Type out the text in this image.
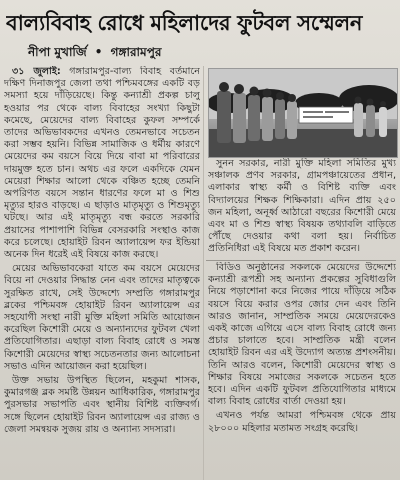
বাল্যবিবাহ রোধে মহিলাদের ফুটবল সম্মেলন
নীপা মুখার্জি • গঙ্গারামপুর

৩১ জুলাই: গঙ্গারামপুর-বাল্য বিবাহ বর্তমানে দক্ষিণ দিনাজপুর জেলা তথা পশ্চিমবঙ্গের একটি বড় সমস্যা হয়ে দাঁড়িয়েছে। কিন্তু কন্যাশ্রী প্রকল্প চালু হওয়ার পর থেকে বাল্য বিবাহের সংখ্যা কিছুটা কমেছে, মেয়েদের বাল্য বিবাহের কুফল সম্পর্কে তাদের অভিভাবকদের এখনও তেমনভাবে সচেতন করা সম্ভব হয়নি। বিভিন্ন সামাজিক ও ধর্মীয় কারণে মেয়েদের কম বয়সে বিয়ে দিয়ে বাবা মা পরিবারের দায়মুক্ত হতে চান। অথচ এর ফলে একদিকে যেমন মেয়েরা শিক্ষার আলো থেকে বঞ্চিত হচ্ছে তেমনি অপরিণত বয়সে সন্তান ধারণের ফলে মা ও শিশু মৃত্যুর হারও বাড়ছে। এ ছাড়াও মাতৃমৃত্যু ও শিশুমৃত্যু ঘটছে। আর এই মাতৃমৃত্যু বন্ধ করতে সরকারি প্রয়াসের পাশাপাশি বিভিন্ন বেসরকারি সংস্থাও কাজ করে চলেছে। হোয়াইট রিবন অ্যালায়েন্স ফর ইন্ডিয়া অনেক দিন ধরেই এই বিষয়ে কাজ করছে।

মেয়ের অভিভাবকেরা যাতে কম বয়সে মেয়েদের বিয়ে না দেওয়ার সিদ্ধান্ত নেন এবং তাদের মাতৃত্বকে সুরক্ষিত রাখে, সেই উদ্দেশ্যে সম্প্রতি গঙ্গারামপুর ব্লকের পশ্চিমবঙ্গ হোয়াইট রিবন অ্যালায়েন্স এর সহযোগী সংস্থা নারী মুক্তি মহিলা সমিতি আয়োজন করেছিল কিশোরী মেয়ে ও অন্যান্যদের ফুটবল খেলা প্রতিযোগিতার। এছাড়া বাল্য বিবাহ রোধে ও সমস্ত কিশোরী মেয়েদের স্বাস্থ্য সচেতনতার জন্য আলোচনা সভাও এদিন আয়োজন করা হয়েছিল।

উক্ত সভায় উপস্থিত ছিলেন, মহকুমা শাসক, কুমারগঞ্জ ব্লক সমষ্টি উন্নয়ন আধিকারিক, গঙ্গারামপুর পুরসভার সভাপতি এবং স্থানীয় বিশিষ্ট ব্যক্তিবর্গ। সঙ্গে ছিলেন হোয়াইট রিবন অ্যালায়েন্স এর রাজ্য ও জেলা সমন্বয়ক সুজয় রায় ও অন্যান্য সদস্যরা।

সুনন সরকার, নারী মুক্তি মহিলা সমিতির মুখ্য সঞ্চালক প্রণব সরকার, গ্রামপঞ্চায়েতের প্রধান, এলাকার স্বাস্থ্য কর্মী ও বিশিষ্ট ব্যক্তি এবং বিদ্যালয়ের শিক্ষক শিক্ষিকারা। এদিন প্রায় ২৫০ জন মহিলা, অনূর্ধ্ব আঠারো বছরের কিশোরী মেয়ে এবং মা ও শিশু স্বাস্থ্য বিষয়ক তথ্যাবলি বাড়িতে পৌঁছে দেওয়ার কথা বলা হয়। নির্বাচিত প্রতিনিধিরা এই বিষয়ে মত প্রকাশ করেন।

বিডিও অনুষ্ঠানের সকলকে মেয়েদের উদ্দেশ্যে কন্যাশ্রী রূপশ্রী সহ অন্যান্য প্রকল্পের সুবিধাগুলি নিয়ে পড়াশোনা করে নিজের পায়ে দাঁড়িয়ে সঠিক বয়সে বিয়ে করার ওপর জোর দেন এবং তিনি আরও জানান, সাম্প্রতিক সময়ে মেয়েদেরকেও একই কাজে এগিয়ে এসে বাল্য বিবাহ রোধে জন্য প্রচার চালাতে হবে। সাম্প্রতিক মন্ত্রী বলেন হোয়াইট রিবন এর এই উদ্যোগ অত্যন্ত প্রশংসনীয়। তিনি আরও বলেন, কিশোরী মেয়েদের স্বাস্থ্য ও শিক্ষার বিষয়ে সমাজের সকলকে সচেতন হতে হবে। এদিন একটি ফুটবল প্রতিযোগিতার মাধ্যমে বাল্য বিবাহ রোধের বার্তা দেওয়া হয়।

এখনও পর্যন্ত আমরা পশ্চিমবঙ্গ থেকে প্রায় ২৮০০০ মহিলার মতামত সংগ্রহ করেছি।
